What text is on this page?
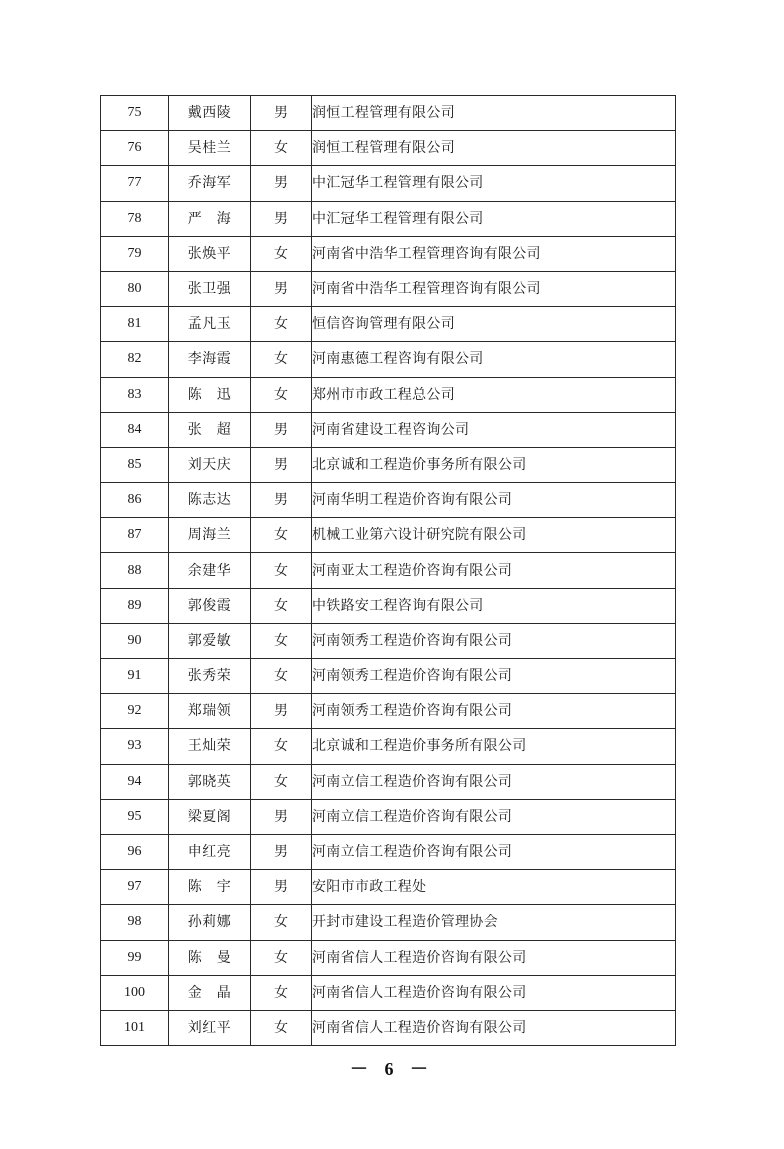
75	戴西陵	男	润恒工程管理有限公司
76	吴桂兰	女	润恒工程管理有限公司
77	乔海军	男	中汇冠华工程管理有限公司
78	严　海	男	中汇冠华工程管理有限公司
79	张焕平	女	河南省中浩华工程管理咨询有限公司
80	张卫强	男	河南省中浩华工程管理咨询有限公司
81	孟凡玉	女	恒信咨询管理有限公司
82	李海霞	女	河南惠德工程咨询有限公司
83	陈　迅	女	郑州市市政工程总公司
84	张　超	男	河南省建设工程咨询公司
85	刘天庆	男	北京诚和工程造价事务所有限公司
86	陈志达	男	河南华明工程造价咨询有限公司
87	周海兰	女	机械工业第六设计研究院有限公司
88	余建华	女	河南亚太工程造价咨询有限公司
89	郭俊霞	女	中铁路安工程咨询有限公司
90	郭爱敏	女	河南领秀工程造价咨询有限公司
91	张秀荣	女	河南领秀工程造价咨询有限公司
92	郑瑞领	男	河南领秀工程造价咨询有限公司
93	王灿荣	女	北京诚和工程造价事务所有限公司
94	郭晓英	女	河南立信工程造价咨询有限公司
95	梁夏阁	男	河南立信工程造价咨询有限公司
96	申红亮	男	河南立信工程造价咨询有限公司
97	陈　宇	男	安阳市市政工程处
98	孙莉娜	女	开封市建设工程造价管理协会
99	陈　曼	女	河南省信人工程造价咨询有限公司
100	金　晶	女	河南省信人工程造价咨询有限公司
101	刘红平	女	河南省信人工程造价咨询有限公司
－ 6 －
